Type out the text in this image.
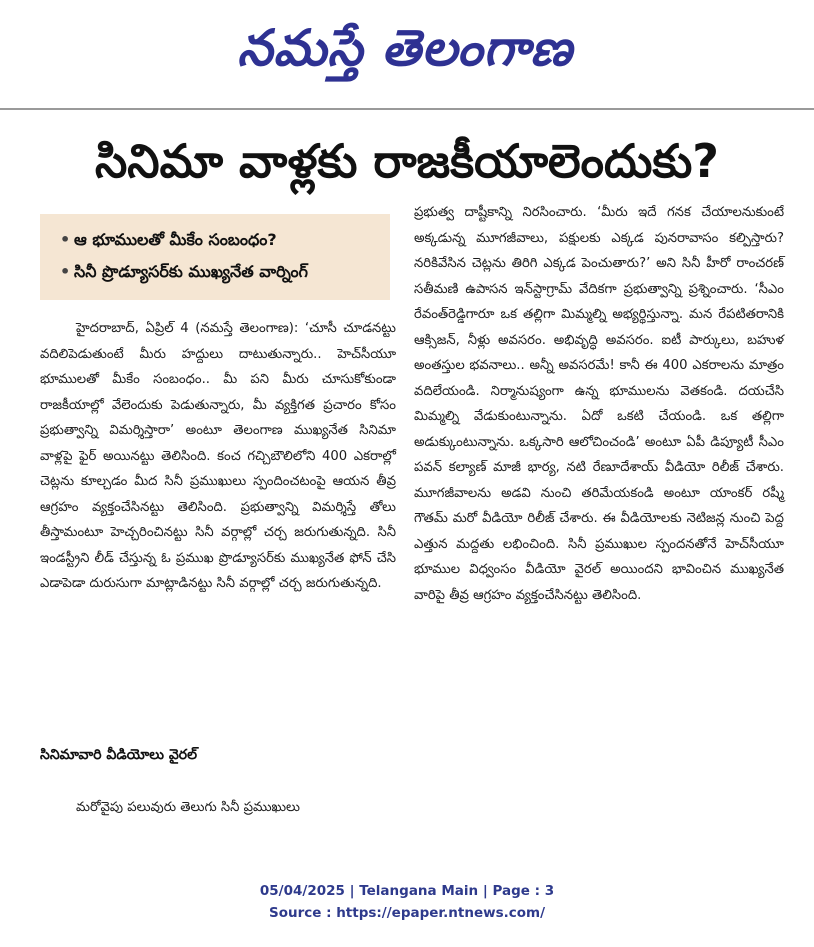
నమస్తే తెలంగాణ
సినిమా వాళ్లకు రాజకీయాలెందుకు?
• ఆ భూములతో మీకేం సంబంధం?
• సినీ ప్రొడ్యూసర్‌కు ముఖ్యనేత వార్నింగ్

హైదరాబాద్, ఏప్రిల్ 4 (నమస్తే తెలంగాణ): ‘చూసీ చూడనట్టు వదిలిపెడుతుంటే మీరు హద్దులు దాటుతున్నారు.. హెచ్‌సీయూ భూములతో మీకేం సంబంధం.. మీ పని మీరు చూసుకోకుండా రాజకీయాల్లో వేలెందుకు పెడుతున్నారు, మీ వ్యక్తిగత ప్రచారం కోసం ప్రభుత్వాన్ని విమర్శిస్తారా’ అంటూ తెలంగాణ ముఖ్యనేత సినిమా వాళ్లపై ఫైర్ అయినట్టు తెలిసింది. కంచ గచ్చిబౌలిలోని 400 ఎకరాల్లో చెట్లను కూల్చడం మీద సినీ ప్రముఖులు స్పందించటంపై ఆయన తీవ్ర ఆగ్రహం వ్యక్తంచేసినట్టు తెలిసింది. ప్రభుత్వాన్ని విమర్శిస్తే తోలు తీస్తామంటూ హెచ్చరించినట్టు సినీ వర్గాల్లో చర్చ జరుగుతున్నది. సినీ ఇండస్ట్రీని లీడ్ చేస్తున్న ఓ ప్రముఖ ప్రొడ్యూసర్‌కు ముఖ్యనేత ఫోన్ చేసి ఎడాపెడా దురుసుగా మాట్లాడినట్టు సినీ వర్గాల్లో చర్చ జరుగుతున్నది.

సినిమావారి వీడియోలు వైరల్

మరోవైపు పలువురు తెలుగు సినీ ప్రముఖులు

ప్రభుత్వ దాష్టీకాన్ని నిరసించారు. ‘మీరు ఇదే గనక చేయాలనుకుంటే అక్కడున్న మూగజీవాలు, పక్షులకు ఎక్కడ పునరావాసం కల్పిస్తారు? నరికివేసిన చెట్లను తిరిగి ఎక్కడ పెంచుతారు?’ అని సినీ హీరో రాంచరణ్ సతీమణి ఉపాసన ఇన్‌స్టాగ్రామ్ వేదికగా ప్రభుత్వాన్ని ప్రశ్నించారు. ‘సీఎం రేవంత్‌రెడ్డిగారూ ఒక తల్లిగా మిమ్మల్ని అభ్యర్థిస్తున్నా. మన రేపటితరానికి ఆక్సిజన్, నీళ్లు అవసరం. అభివృద్ధి అవసరం. ఐటీ పార్కులు, బహుళ అంతస్తుల భవనాలు.. అన్నీ అవసరమే! కానీ ఈ 400 ఎకరాలను మాత్రం వదిలేయండి. నిర్మానుష్యంగా ఉన్న భూములను వెతకండి. దయచేసి మిమ్మల్ని వేడుకుంటున్నాను. ఏదో ఒకటి చేయండి. ఒక తల్లిగా అడుక్కుంటున్నాను. ఒక్కసారి ఆలోచించండి’ అంటూ ఏపీ డిప్యూటీ సీఎం పవన్ కల్యాణ్ మాజీ భార్య, నటి రేణూదేశాయ్ వీడియో రిలీజ్ చేశారు. మూగజీవాలను అడవి నుంచి తరిమేయకండి అంటూ యాంకర్ రష్మీ గౌతమ్ మరో వీడియో రిలీజ్ చేశారు. ఈ వీడియోలకు నెటిజన్ల నుంచి పెద్ద ఎత్తున మద్దతు లభించింది. సినీ ప్రముఖుల స్పందనతోనే హెచ్‌సీయూ భూముల విధ్వంసం వీడియో వైరల్ అయిందని భావించిన ముఖ్యనేత వారిపై తీవ్ర ఆగ్రహం వ్యక్తంచేసినట్టు తెలిసింది.

05/04/2025 | Telangana Main | Page : 3
Source : https://epaper.ntnews.com/
